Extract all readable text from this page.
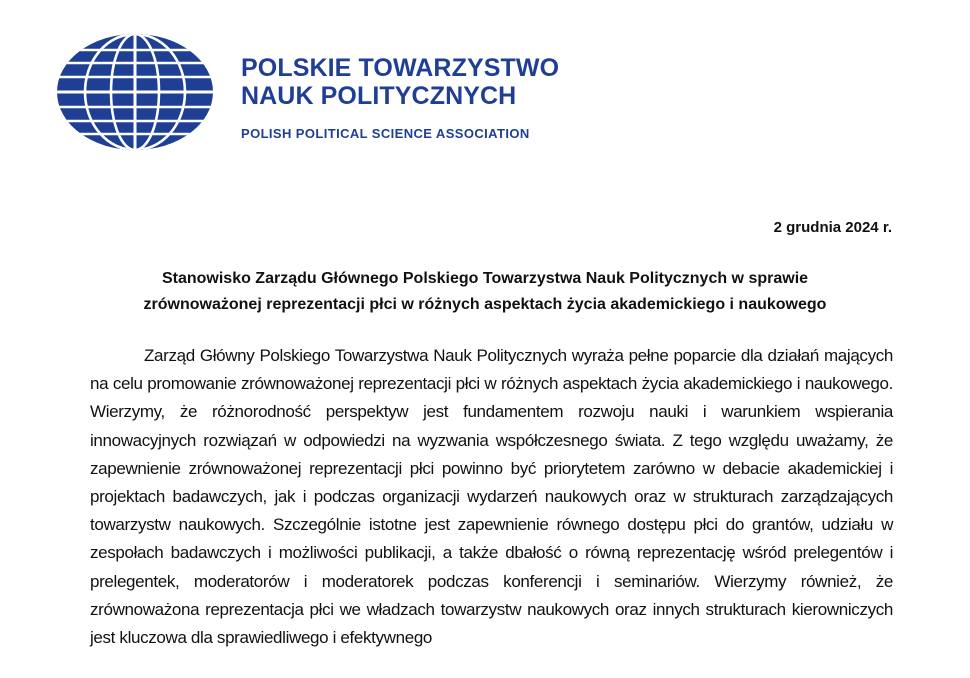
POLSKIE TOWARZYSTWO
NAUK POLITYCZNYCH
POLISH POLITICAL SCIENCE ASSOCIATION
2 grudnia 2024 r.
Stanowisko Zarządu Głównego Polskiego Towarzystwa Nauk Politycznych w sprawie
zrównoważonej reprezentacji płci w różnych aspektach życia akademickiego i naukowego

Zarząd Główny Polskiego Towarzystwa Nauk Politycznych wyraża pełne poparcie dla działań mających na celu promowanie zrównoważonej reprezentacji płci w różnych aspektach życia akademickiego i naukowego. Wierzymy, że różnorodność perspektyw jest fundamentem rozwoju nauki i warunkiem wspierania innowacyjnych rozwiązań w odpowiedzi na wyzwania współczesnego świata. Z tego względu uważamy, że zapewnienie zrównoważonej reprezentacji płci powinno być priorytetem zarówno w debacie akademickiej i projektach badawczych, jak i podczas organizacji wydarzeń naukowych oraz w strukturach zarządzających towarzystw naukowych. Szczególnie istotne jest zapewnienie równego dostępu płci do grantów, udziału w zespołach badawczych i możliwości publikacji, a także dbałość o równą reprezentację wśród prelegentów i prelegentek, moderatorów i moderatorek podczas konferencji i seminariów. Wierzymy również, że zrównoważona reprezentacja płci we władzach towarzystw naukowych oraz innych strukturach kierowniczych jest kluczowa dla sprawiedliwego i efektywnego
